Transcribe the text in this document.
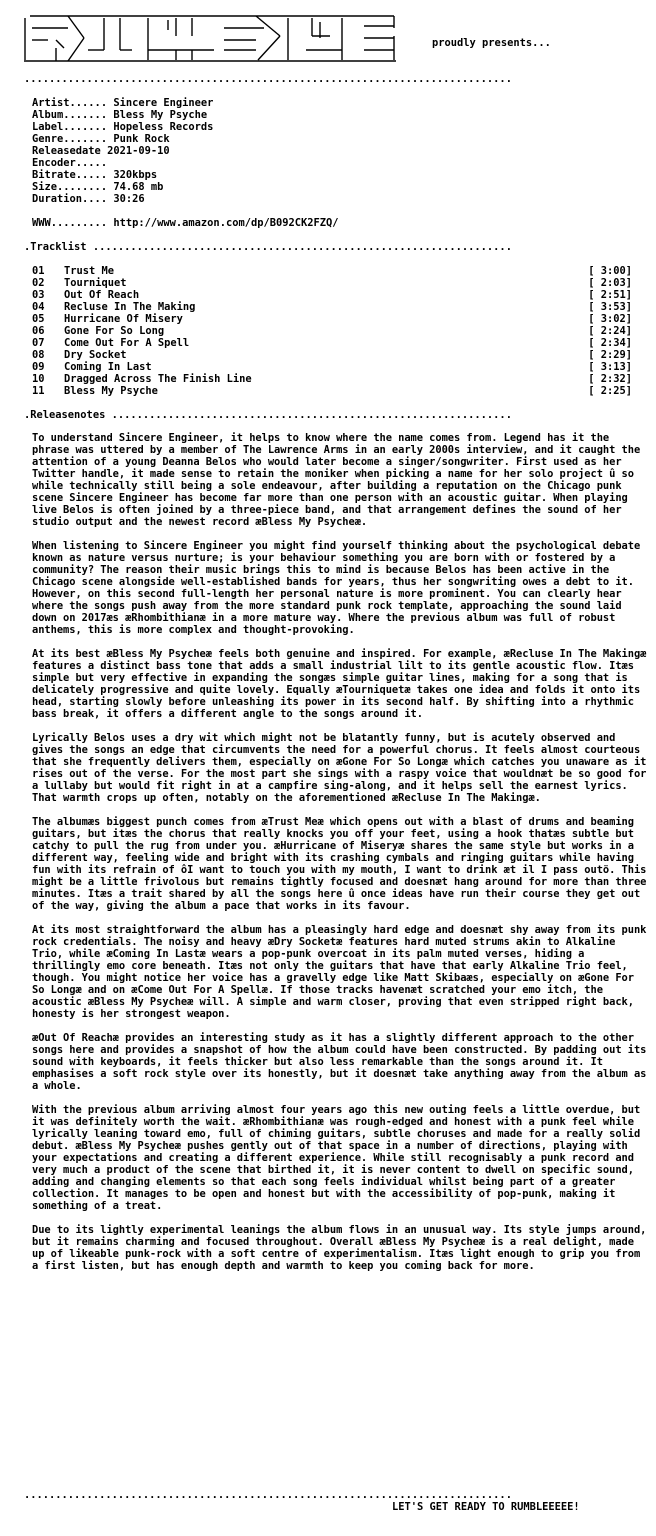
proudly presents...
..............................................................................
Artist...... Sincere Engineer
Album....... Bless My Psyche
Label....... Hopeless Records
Genre....... Punk Rock
Releasedate 2021-09-10
Encoder.....
Bitrate..... 320kbps
Size........ 74.68 mb
Duration.... 30:26
WWW......... http://www.amazon.com/dp/B092CK2FZQ/
.Tracklist ...................................................................
01	Trust Me	[ 3:00]
02	Tourniquet	[ 2:03]
03	Out Of Reach	[ 2:51]
04	Recluse In The Making	[ 3:53]
05	Hurricane Of Misery	[ 3:02]
06	Gone For So Long	[ 2:24]
07	Come Out For A Spell	[ 2:34]
08	Dry Socket	[ 2:29]
09	Coming In Last	[ 3:13]
10	Dragged Across The Finish Line	[ 2:32]
11	Bless My Psyche	[ 2:25]
.Releasenotes ................................................................

To understand Sincere Engineer, it helps to know where the name comes from. Legend has it the phrase was uttered by a member of The Lawrence Arms in an early 2000s interview, and it caught the attention of a young Deanna Belos who would later become a singer/songwriter. First used as her Twitter handle, it made sense to retain the moniker when picking a name for her solo project û so while technically still being a sole endeavour, after building a reputation on the Chicago punk scene Sincere Engineer has become far more than one person with an acoustic guitar. When playing live Belos is often joined by a three-piece band, and that arrangement defines the sound of her studio output and the newest record æBless My Psycheæ.

When listening to Sincere Engineer you might find yourself thinking about the psychological debate known as nature versus nurture; is your behaviour something you are born with or fostered by a community? The reason their music brings this to mind is because Belos has been active in the Chicago scene alongside well-established bands for years, thus her songwriting owes a debt to it. However, on this second full-length her personal nature is more prominent. You can clearly hear where the songs push away from the more standard punk rock template, approaching the sound laid down on 2017æs æRhombithianæ in a more mature way. Where the previous album was full of robust anthems, this is more complex and thought-provoking.

At its best æBless My Psycheæ feels both genuine and inspired. For example, æRecluse In The Makingæ features a distinct bass tone that adds a small industrial lilt to its gentle acoustic flow. Itæs simple but very effective in expanding the songæs simple guitar lines, making for a song that is delicately progressive and quite lovely. Equally æTourniquetæ takes one idea and folds it onto its head, starting slowly before unleashing its power in its second half. By shifting into a rhythmic bass break, it offers a different angle to the songs around it.

Lyrically Belos uses a dry wit which might not be blatantly funny, but is acutely observed and gives the songs an edge that circumvents the need for a powerful chorus. It feels almost courteous that she frequently delivers them, especially on æGone For So Longæ which catches you unaware as it rises out of the verse. For the most part she sings with a raspy voice that wouldnæt be so good for a lullaby but would fit right in at a campfire sing-along, and it helps sell the earnest lyrics. That warmth crops up often, notably on the aforementioned æRecluse In The Makingæ.

The albumæs biggest punch comes from æTrust Meæ which opens out with a blast of drums and beaming guitars, but itæs the chorus that really knocks you off your feet, using a hook thatæs subtle but catchy to pull the rug from under you. æHurricane of Miseryæ shares the same style but works in a different way, feeling wide and bright with its crashing cymbals and ringing guitars while having fun with its refrain of ôI want to touch you with my mouth, I want to drink æt il I pass outö. This might be a little frivolous but remains tightly focused and doesnæt hang around for more than three minutes. Itæs a trait shared by all the songs here û once ideas have run their course they get out of the way, giving the album a pace that works in its favour.

At its most straightforward the album has a pleasingly hard edge and doesnæt shy away from its punk rock credentials. The noisy and heavy æDry Socketæ features hard muted strums akin to Alkaline Trio, while æComing In Lastæ wears a pop-punk overcoat in its palm muted verses, hiding a thrillingly emo core beneath. Itæs not only the guitars that have that early Alkaline Trio feel, though. You might notice her voice has a gravelly edge like Matt Skibaæs, especially on æGone For So Longæ and on æCome Out For A Spellæ. If those tracks havenæt scratched your emo itch, the acoustic æBless My Psycheæ will. A simple and warm closer, proving that even stripped right back, honesty is her strongest weapon.

æOut Of Reachæ provides an interesting study as it has a slightly different approach to the other songs here and provides a snapshot of how the album could have been constructed. By padding out its sound with keyboards, it feels thicker but also less remarkable than the songs around it. It emphasises a soft rock style over its honestly, but it doesnæt take anything away from the album as a whole.

With the previous album arriving almost four years ago this new outing feels a little overdue, but it was definitely worth the wait. æRhombithianæ was rough-edged and honest with a punk feel while lyrically leaning toward emo, full of chiming guitars, subtle choruses and made for a really solid debut. æBless My Psycheæ pushes gently out of that space in a number of directions, playing with your expectations and creating a different experience. While still recognisably a punk record and very much a product of the scene that birthed it, it is never content to dwell on specific sound, adding and changing elements so that each song feels individual whilst being part of a greater collection. It manages to be open and honest but with the accessibility of pop-punk, making it something of a treat.

Due to its lightly experimental leanings the album flows in an unusual way. Its style jumps around, but it remains charming and focused throughout. Overall æBless My Psycheæ is a real delight, made up of likeable punk-rock with a soft centre of experimentalism. Itæs light enough to grip you from a first listen, but has enough depth and warmth to keep you coming back for more.

..............................................................................
LET'S GET READY TO RUMBLEEEEE!
